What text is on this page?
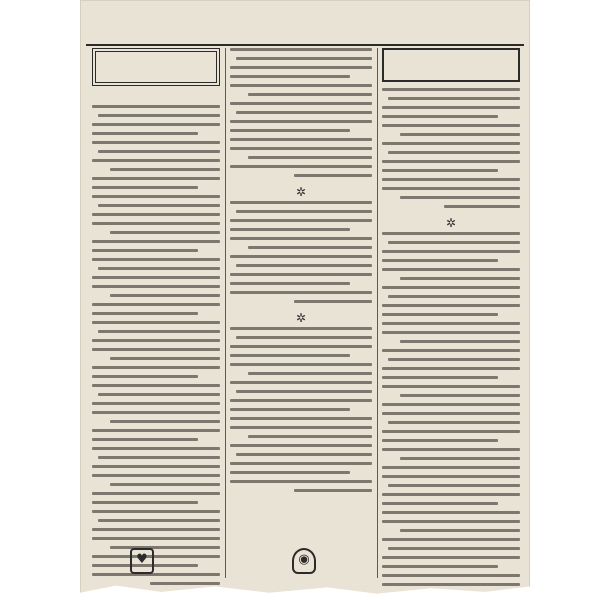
✲
✲
✲
♥	◉
